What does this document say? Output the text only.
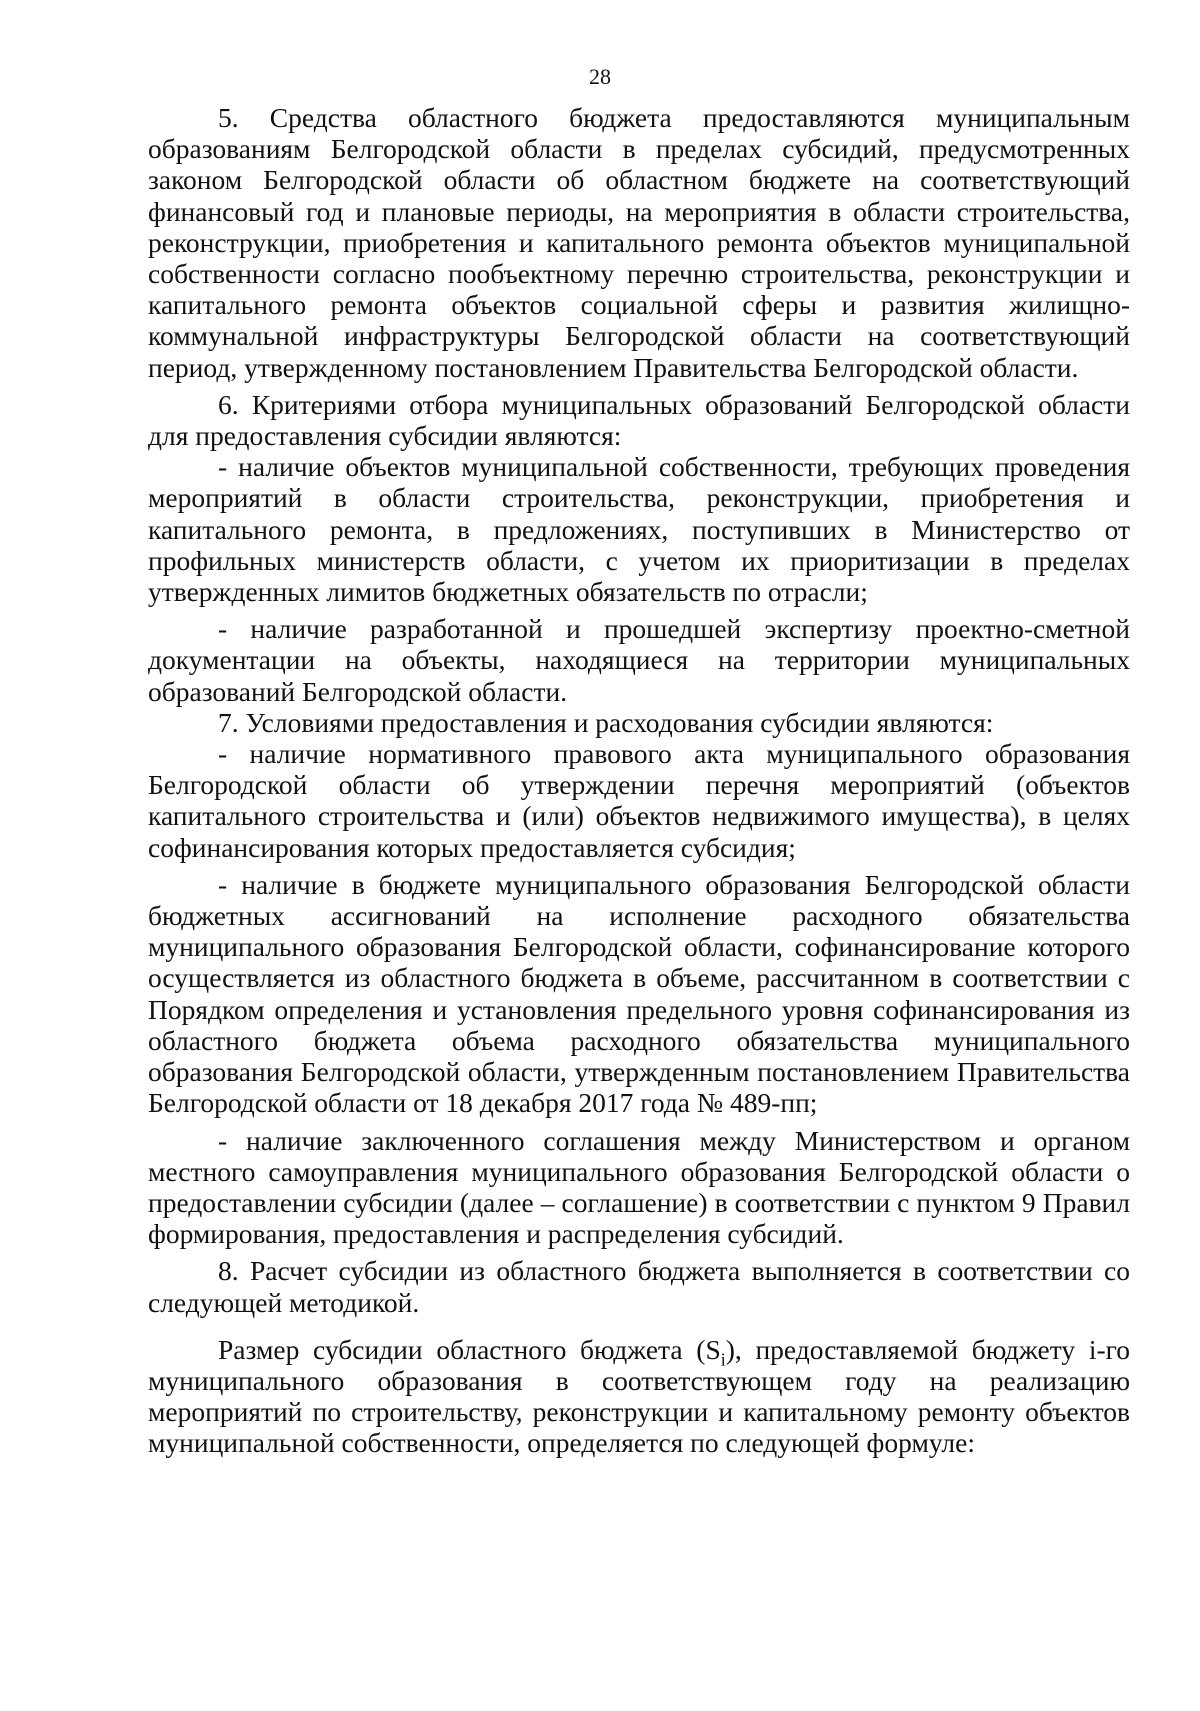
28

5. Средства областного бюджета предоставляются муниципальным образованиям Белгородской области в пределах субсидий, предусмотренных законом Белгородской области об областном бюджете на соответствующий финансовый год и плановые периоды, на мероприятия в области строительства, реконструкции, приобретения и капитального ремонта объектов муниципальной собственности согласно пообъектному перечню строительства, реконструкции и капитального ремонта объектов социальной сферы и развития жилищно-коммунальной инфраструктуры Белгородской области на соответствующий период, утвержденному постановлением Правительства Белгородской области.

6. Критериями отбора муниципальных образований Белгородской области для предоставления субсидии являются:

- наличие объектов муниципальной собственности, требующих проведения мероприятий в области строительства, реконструкции, приобретения и капитального ремонта, в предложениях, поступивших в Министерство от профильных министерств области, с учетом их приоритизации в пределах утвержденных лимитов бюджетных обязательств по отрасли;

- наличие разработанной и прошедшей экспертизу проектно-сметной документации на объекты, находящиеся на территории муниципальных образований Белгородской области.

7. Условиями предоставления и расходования субсидии являются:

- наличие нормативного правового акта муниципального образования Белгородской области об утверждении перечня мероприятий (объектов капитального строительства и (или) объектов недвижимого имущества), в целях софинансирования которых предоставляется субсидия;

- наличие в бюджете муниципального образования Белгородской области бюджетных ассигнований на исполнение расходного обязательства муниципального образования Белгородской области, софинансирование которого осуществляется из областного бюджета в объеме, рассчитанном в соответствии с Порядком определения и установления предельного уровня софинансирования из областного бюджета объема расходного обязательства муниципального образования Белгородской области, утвержденным постановлением Правительства Белгородской области от 18 декабря 2017 года № 489-пп;

- наличие заключенного соглашения между Министерством и органом местного самоуправления муниципального образования Белгородской области о предоставлении субсидии (далее – соглашение) в соответствии с пунктом 9 Правил формирования, предоставления и распределения субсидий.

8. Расчет субсидии из областного бюджета выполняется в соответствии со следующей методикой.

Размер субсидии областного бюджета $(S_i)$, предоставляемой бюджету i-го муниципального образования в соответствующем году на реализацию мероприятий по строительству, реконструкции и капитальному ремонту объектов муниципальной собственности, определяется по следующей формуле:
